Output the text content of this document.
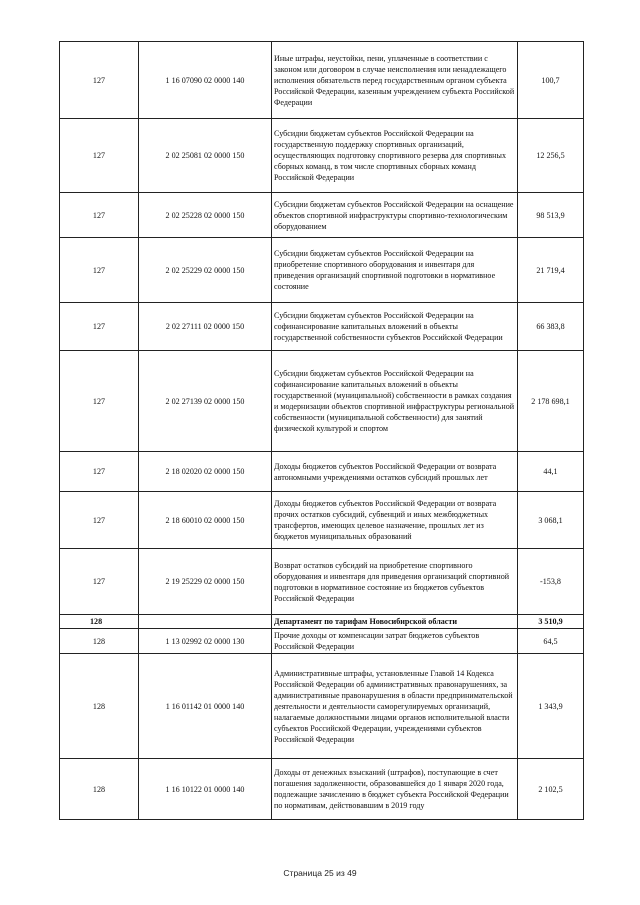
127	1 16 07090 02 0000 140	Иные штрафы, неустойки, пени, уплаченные в соответствии с законом или договором в случае неисполнения или ненадлежащего исполнения обязательств перед государственным органом субъекта Российской Федерации, казенным учреждением субъекта Российской Федерации	100,7
127	2 02 25081 02 0000 150	Субсидии бюджетам субъектов Российской Федерации на государственную поддержку спортивных организаций, осуществляющих подготовку спортивного резерва для спортивных сборных команд, в том числе спортивных сборных команд Российской Федерации	12 256,5
127	2 02 25228 02 0000 150	Субсидии бюджетам субъектов Российской Федерации на оснащение объектов спортивной инфраструктуры спортивно-технологическим оборудованием	98 513,9
127	2 02 25229 02 0000 150	Субсидии бюджетам субъектов Российской Федерации на приобретение спортивного оборудования и инвентаря для приведения организаций спортивной подготовки в нормативное состояние	21 719,4
127	2 02 27111 02 0000 150	Субсидии бюджетам субъектов Российской Федерации на софинансирование капитальных вложений в объекты государственной собственности субъектов Российской Федерации	66 383,8
127	2 02 27139 02 0000 150	Субсидии бюджетам субъектов Российской Федерации на софинансирование капитальных вложений в объекты государственной (муниципальной) собственности в рамках создания и модернизации объектов спортивной инфраструктуры региональной собственности (муниципальной собственности) для занятий физической культурой и спортом	2 178 698,1
127	2 18 02020 02 0000 150	Доходы бюджетов субъектов Российской Федерации от возврата автономными учреждениями остатков субсидий прошлых лет	44,1
127	2 18 60010 02 0000 150	Доходы бюджетов субъектов Российской Федерации от возврата прочих остатков субсидий, субвенций и иных межбюджетных трансфертов, имеющих целевое назначение, прошлых лет из бюджетов муниципальных образований	3 068,1
127	2 19 25229 02 0000 150	Возврат остатков субсидий на приобретение спортивного оборудования и инвентаря для приведения организаций спортивной подготовки в нормативное состояние из бюджетов субъектов Российской Федерации	-153,8
128		Департамент по тарифам Новосибирской области	3 510,9
128	1 13 02992 02 0000 130	Прочие доходы от компенсации затрат бюджетов субъектов Российской Федерации	64,5
128	1 16 01142 01 0000 140	Административные штрафы, установленные Главой 14 Кодекса Российской Федерации об административных правонарушениях, за административные правонарушения в области предпринимательской деятельности и деятельности саморегулируемых организаций, налагаемые должностными лицами органов исполнительной власти субъектов Российской Федерации, учреждениями субъектов Российской Федерации	1 343,9
128	1 16 10122 01 0000 140	Доходы от денежных взысканий (штрафов), поступающие в счет погашения задолженности, образовавшейся до 1 января 2020 года, подлежащие зачислению в бюджет субъекта Российской Федерации по нормативам, действовавшим в 2019 году	2 102,5
Страница 25 из 49
